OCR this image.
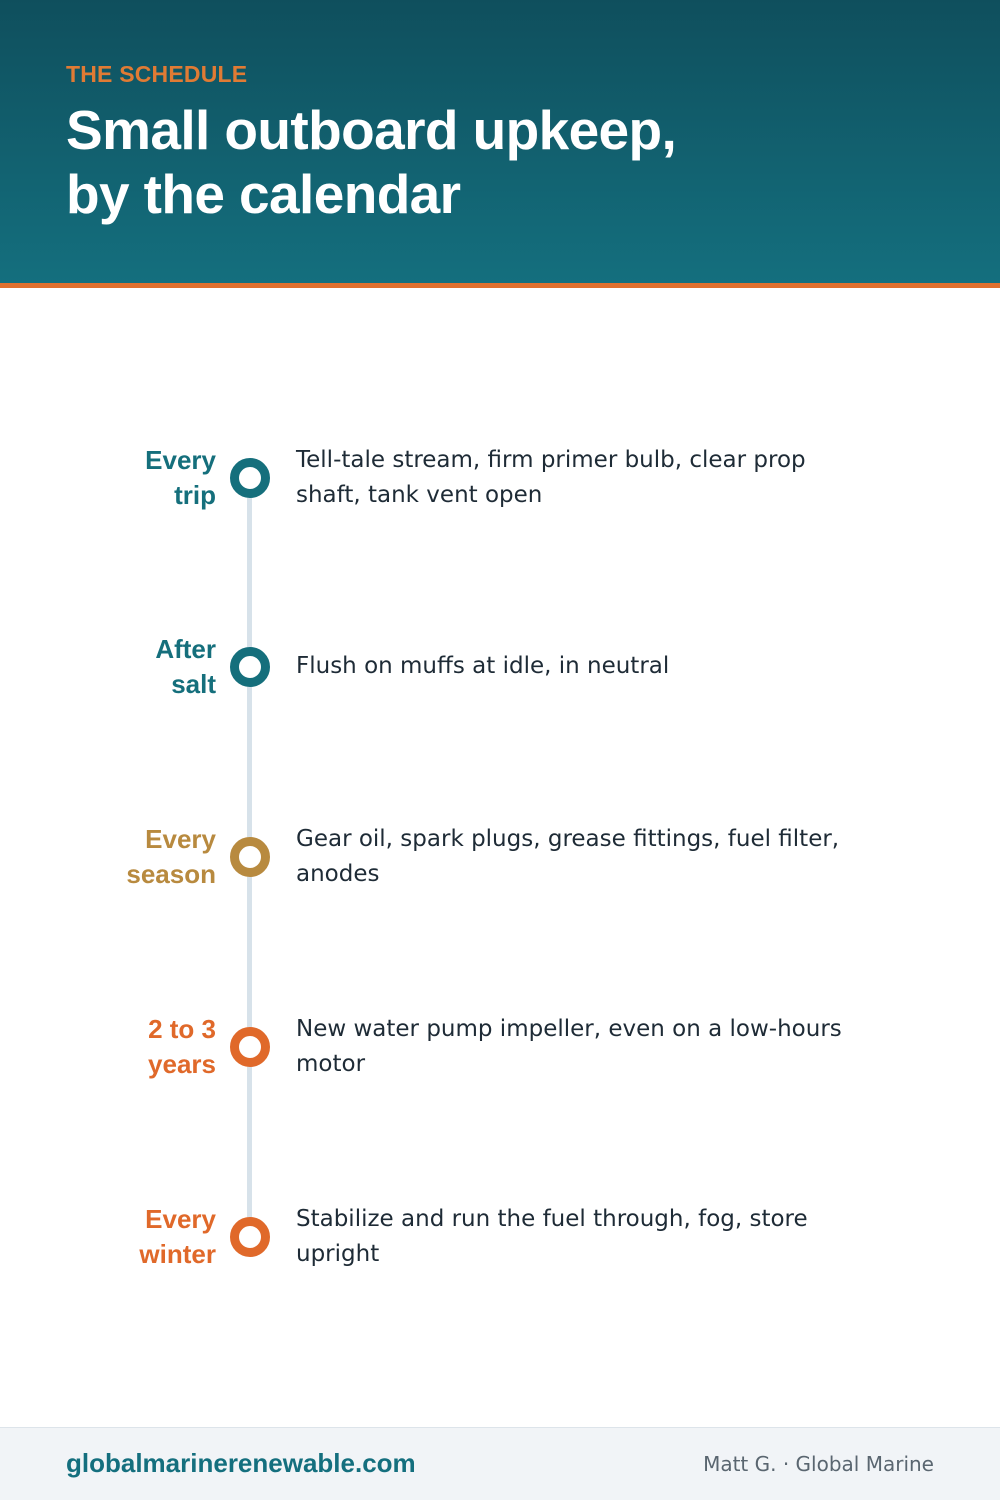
THE SCHEDULE
Small outboard upkeep,
by the calendar
Every
trip
Tell-tale stream, firm primer bulb, clear prop
shaft, tank vent open
After
salt
Flush on muffs at idle, in neutral
Every
season
Gear oil, spark plugs, grease fittings, fuel filter,
anodes
2 to 3
years
New water pump impeller, even on a low-hours
motor
Every
winter
Stabilize and run the fuel through, fog, store
upright
globalmarinerenewable.com	Matt G. · Global Marine
